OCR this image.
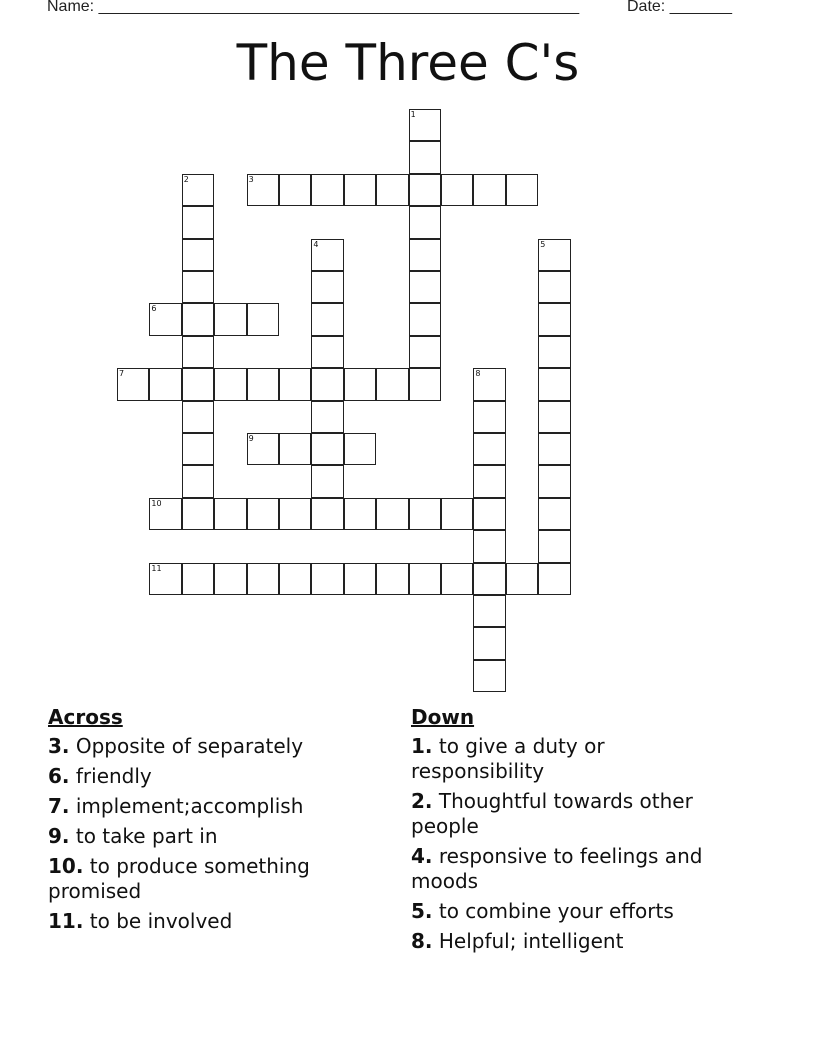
Name: ______________________________________________________	Date: _______
The Three C's
1
2	3
4	5
6
7	8
9
10
11
Across
3. Opposite of separately
6. friendly
7. implement;accomplish
9. to take part in
10. to produce something promised
11. to be involved
Down
1. to give a duty or responsibility
2. Thoughtful towards other people
4. responsive to feelings and moods
5. to combine your efforts
8. Helpful; intelligent
